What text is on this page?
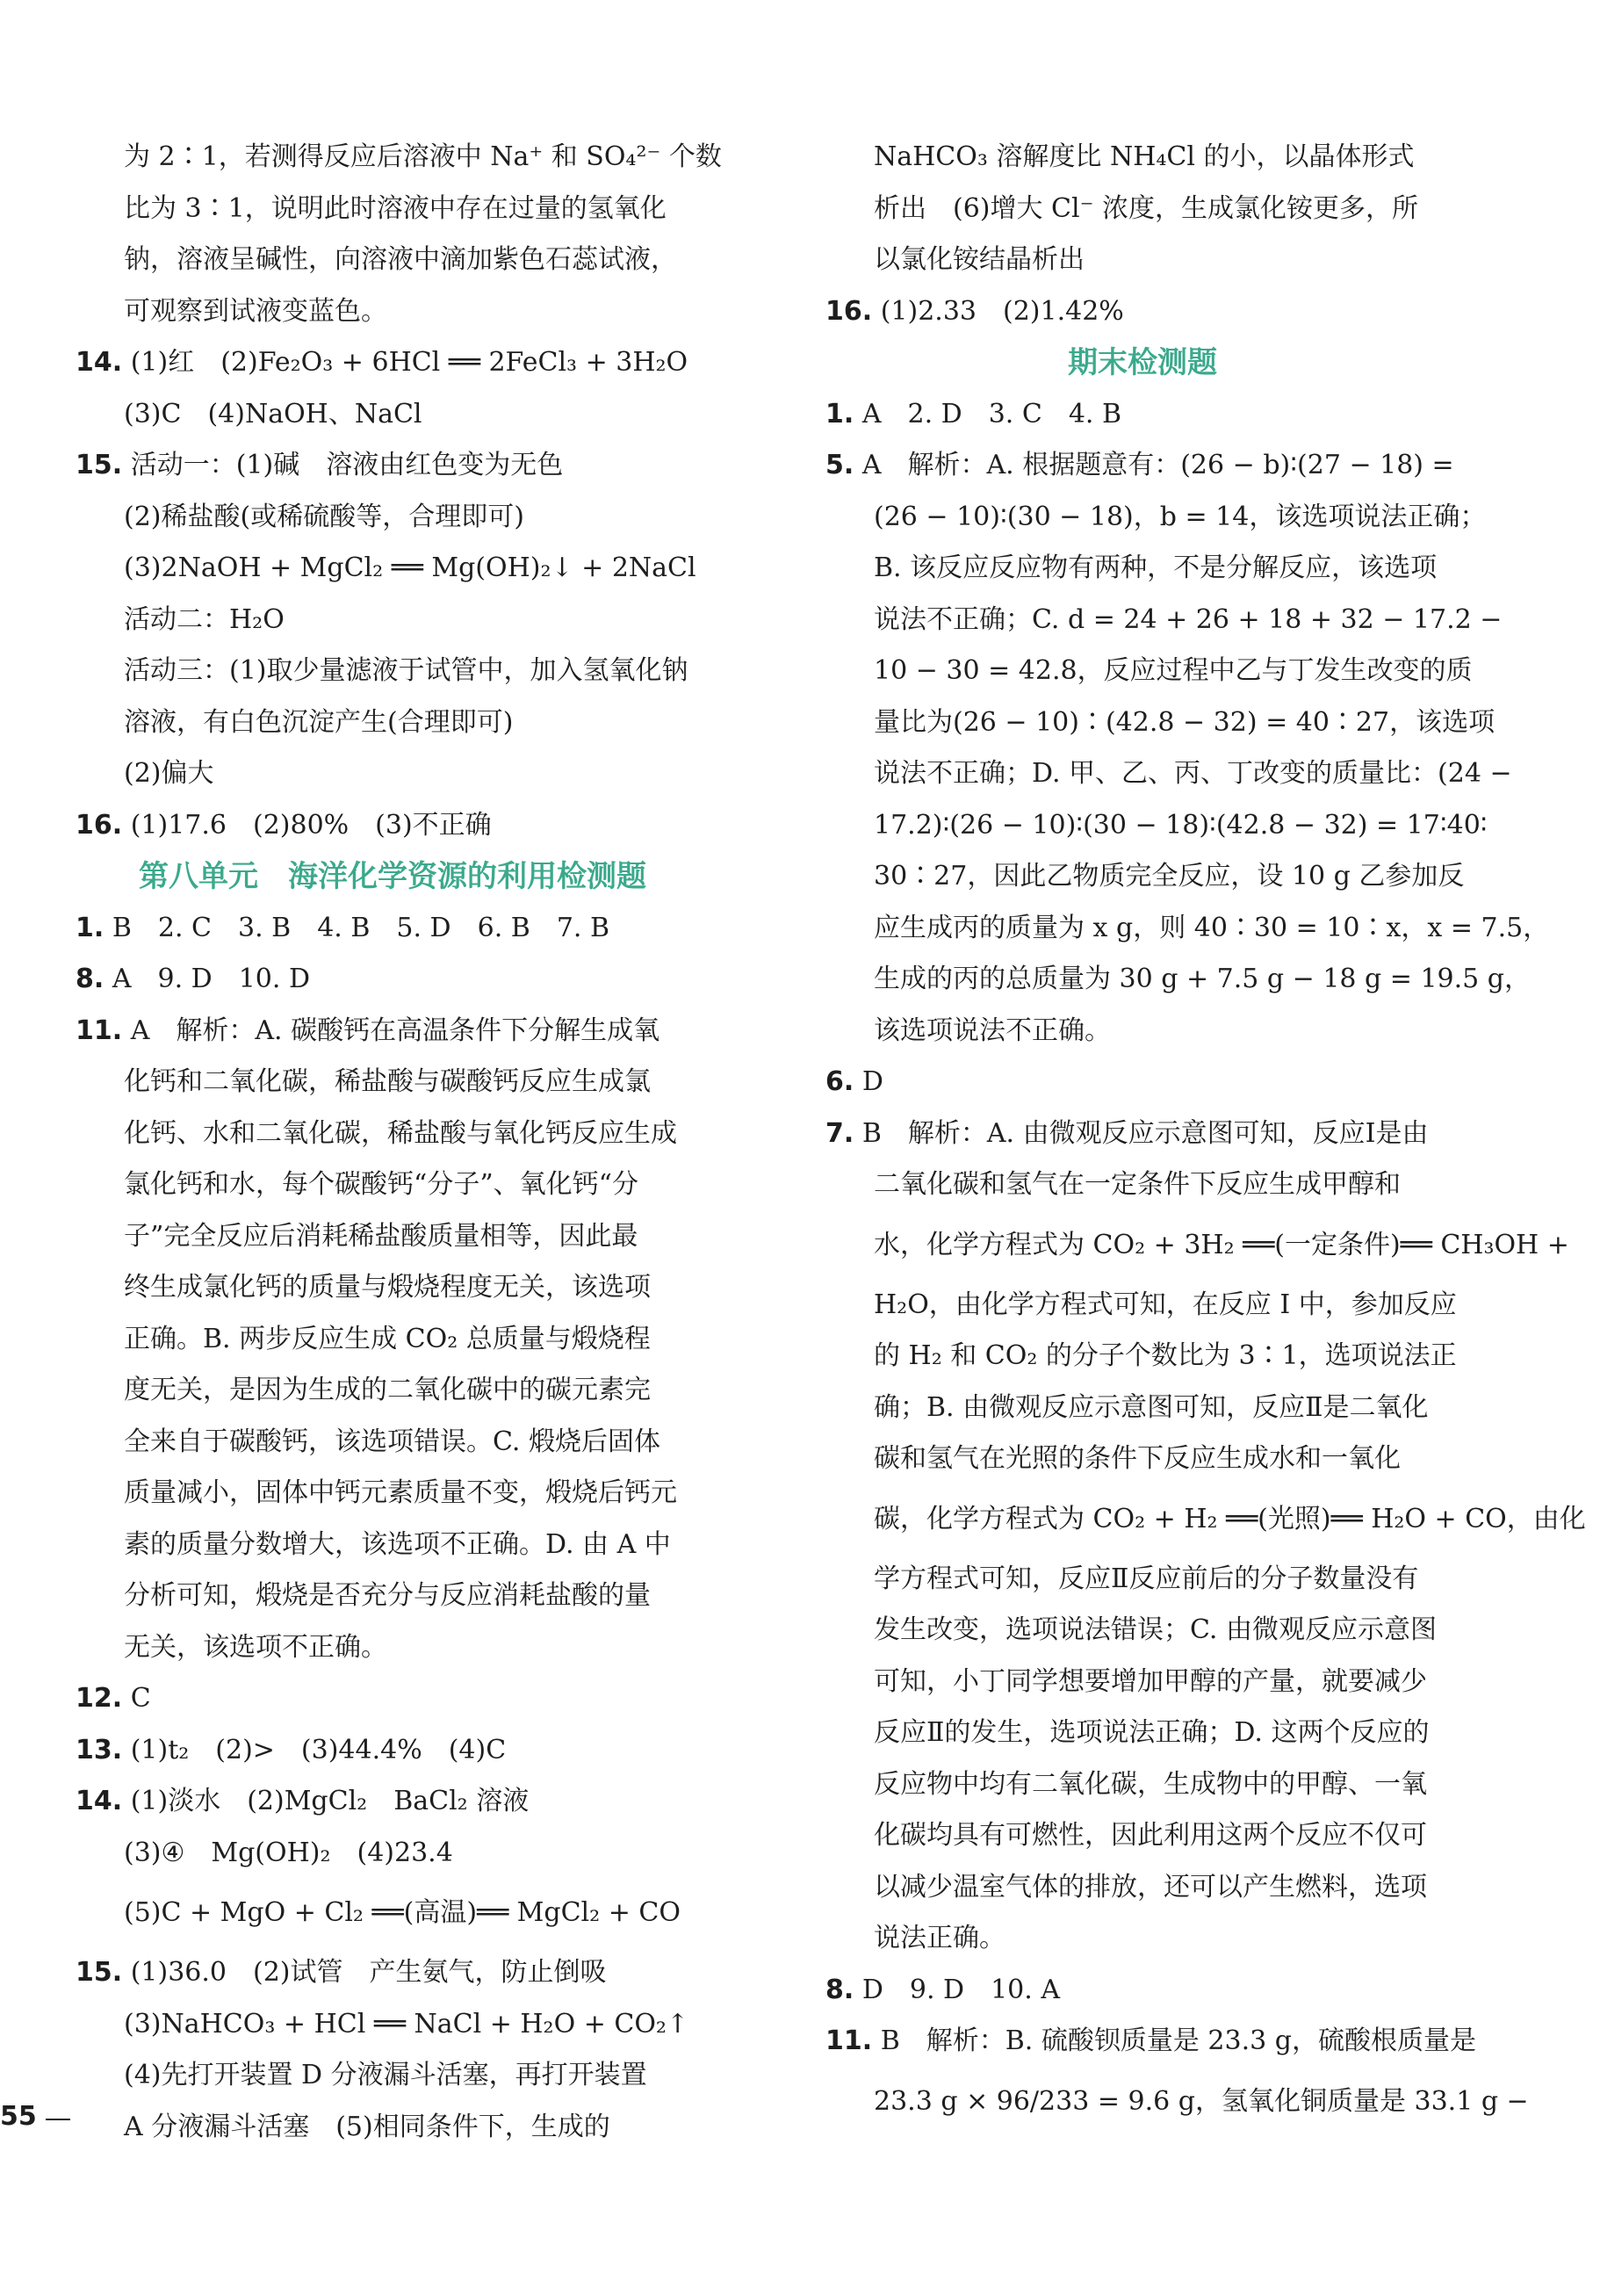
为 2∶1，若测得反应后溶液中 Na⁺ 和 SO₄²⁻ 个数
比为 3∶1，说明此时溶液中存在过量的氢氧化
钠，溶液呈碱性，向溶液中滴加紫色石蕊试液，
可观察到试液变蓝色。
14. (1)红　(2)Fe₂O₃ + 6HCl ══ 2FeCl₃ + 3H₂O
(3)C　(4)NaOH、NaCl
15. 活动一：(1)碱　溶液由红色变为无色
(2)稀盐酸(或稀硫酸等，合理即可)
(3)2NaOH + MgCl₂ ══ Mg(OH)₂↓ + 2NaCl
活动二：H₂O
活动三：(1)取少量滤液于试管中，加入氢氧化钠
溶液，有白色沉淀产生(合理即可)
(2)偏大
16. (1)17.6　(2)80%　(3)不正确
第八单元　海洋化学资源的利用检测题
1. B　2. C　3. B　4. B　5. D　6. B　7. B
8. A　9. D　10. D
11. A　解析：A. 碳酸钙在高温条件下分解生成氧
化钙和二氧化碳，稀盐酸与碳酸钙反应生成氯
化钙、水和二氧化碳，稀盐酸与氧化钙反应生成
氯化钙和水，每个碳酸钙“分子”、氧化钙“分
子”完全反应后消耗稀盐酸质量相等，因此最
终生成氯化钙的质量与煅烧程度无关，该选项
正确。B. 两步反应生成 CO₂ 总质量与煅烧程
度无关，是因为生成的二氧化碳中的碳元素完
全来自于碳酸钙，该选项错误。C. 煅烧后固体
质量减小，固体中钙元素质量不变，煅烧后钙元
素的质量分数增大，该选项不正确。D. 由 A 中
分析可知，煅烧是否充分与反应消耗盐酸的量
无关，该选项不正确。
12. C
13. (1)t₂　(2)>　(3)44.4%　(4)C
14. (1)淡水　(2)MgCl₂　BaCl₂ 溶液
(3)④　Mg(OH)₂　(4)23.4
(5)C + MgO + Cl₂ ══(高温)══ MgCl₂ + CO
15. (1)36.0　(2)试管　产生氨气，防止倒吸
(3)NaHCO₃ + HCl ══ NaCl + H₂O + CO₂↑
(4)先打开装置 D 分液漏斗活塞，再打开装置
A 分液漏斗活塞　(5)相同条件下，生成的
NaHCO₃ 溶解度比 NH₄Cl 的小，以晶体形式
析出　(6)增大 Cl⁻ 浓度，生成氯化铵更多，所
以氯化铵结晶析出
16. (1)2.33　(2)1.42%
期末检测题
1. A　2. D　3. C　4. B
5. A　解析：A. 根据题意有：(26 − b)∶(27 − 18) =
(26 − 10)∶(30 − 18)，b = 14，该选项说法正确；
B. 该反应反应物有两种，不是分解反应，该选项
说法不正确；C. d = 24 + 26 + 18 + 32 − 17.2 −
10 − 30 = 42.8，反应过程中乙与丁发生改变的质
量比为(26 − 10)∶(42.8 − 32) = 40∶27，该选项
说法不正确；D. 甲、乙、丙、丁改变的质量比：(24 −
17.2)∶(26 − 10)∶(30 − 18)∶(42.8 − 32) = 17∶40∶
30∶27，因此乙物质完全反应，设 10 g 乙参加反
应生成丙的质量为 x g，则 40∶30 = 10∶x，x = 7.5，
生成的丙的总质量为 30 g + 7.5 g − 18 g = 19.5 g，
该选项说法不正确。
6. D
7. B　解析：A. 由微观反应示意图可知，反应Ⅰ是由
二氧化碳和氢气在一定条件下反应生成甲醇和
水，化学方程式为 CO₂ + 3H₂ ══(一定条件)══ CH₃OH +
H₂O，由化学方程式可知，在反应 Ⅰ 中，参加反应
的 H₂ 和 CO₂ 的分子个数比为 3∶1，选项说法正
确；B. 由微观反应示意图可知，反应Ⅱ是二氧化
碳和氢气在光照的条件下反应生成水和一氧化
碳，化学方程式为 CO₂ + H₂ ══(光照)══ H₂O + CO，由化
学方程式可知，反应Ⅱ反应前后的分子数量没有
发生改变，选项说法错误；C. 由微观反应示意图
可知，小丁同学想要增加甲醇的产量，就要减少
反应Ⅱ的发生，选项说法正确；D. 这两个反应的
反应物中均有二氧化碳，生成物中的甲醇、一氧
化碳均具有可燃性，因此利用这两个反应不仅可
以减少温室气体的排放，还可以产生燃料，选项
说法正确。
8. D　9. D　10. A
11. B　解析：B. 硫酸钡质量是 23.3 g，硫酸根质量是
23.3 g × 96/233 = 9.6 g，氢氧化铜质量是 33.1 g −
55
